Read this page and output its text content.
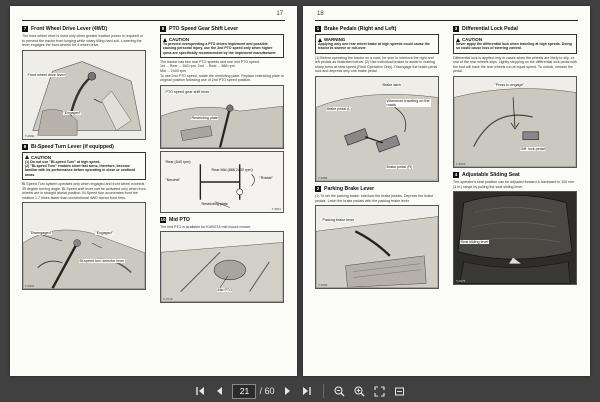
17
7 Front Wheel Drive Lever (4WD)
The front wheel drive is used only when greater traction power is required or to prevent the tractor from lunging while rotary tilling hard soil. Lowering the lever engages the front wheels for 4 wheel drive.
Front wheel drive lever
"Engaged"
T-0990
8 Bi-Speed Turn Lever (if equipped)
CAUTION
(1) Do not use "Bi-speed Turn" at high speed.
(2) "Bi-speed Turn" enables short fast turns, therefore, become familiar with its performance before operating in close or confined areas.
Bi-Speed Turn system operates only when engaged and front wheel exceeds 35 degree turning angle. Bi-Speed shift lever can be activated only when front wheels are in straight ahead position. Bi-Speed turn accelerates front tire rotation 1.7 times faster than conventional 4WD tractor front tires.
"Disengaged"
Bi-speed turn selector lever
"Engaged"
T-0991
9 PTO Speed Gear Shift Lever
CAUTION
To prevent overspeeding a PTO driven implement and possible causing personal injury, use the 2nd PTO speed only when higher rpms are specifically recommended by the implement manufacturer.
The tractor has two rear PTO speeds and one mid PTO speed.
1st ... Rear ... 540 rpm, 2nd ... Rear ... 888 rpm
Mid ... 2400 rpm
To use 2nd PTO speed, rotate the restricting plate. Replace restricting plate to original position following use of 2nd PTO speed position.
PTO speed gear shift lever
Restricting plate
Rear (540 rpm)
"Neutral"
Rear Mid (888 2400 rpm)
"Rotate"
Restricting plate
T-3661
10 Mid PTO
The mid PTO is available for KUBOTA mid mount mower.
Mid PTO
K-3710
18
1 Brake Pedals (Right and Left)
WARNING
Applying only one rear wheel brake at high speeds could cause the tractor to swerve or roll-over.
(1) Before operating the tractor on a road, be sure to interlock the right and left pedals as illustrated below. (2) Use individual brakes to assist in making sharp turns at slow speed (Field Operation Only). Disengage the brake pedal lock and depress only one brake pedal.
Brake pedal (L)
Brake latch
Whenever traveling on the roads
Brake pedal (R)
T-3683
2 Parking Brake Lever
(1) To set the parking brake: Interlock the brake pedals. Depress the brake pedals. Latch the brake pedals with the parking brake lever.
Parking brake lever
T-3600
3 Differential Lock Pedal
CAUTION
Never apply the differential lock when traveling at high speeds. Doing so could cause loss of steering control.
Differential lock is applied only in cases when the wheels are likely to slip, or one of the rear wheels slips. Lightly stepping on the differential lock pedal with the foot will have the rear wheels run at equal speed. To unlock, release the pedal.
"Press to engage"
Diff. lock pedal
T-3603
4 Adjustable Sliding Seat
The operator's seat position can be adjusted forward & backward in 100 mm (4 in.) range by pulling the seat sliding lever.
Seat sliding lever
T-0975
21
/ 60
